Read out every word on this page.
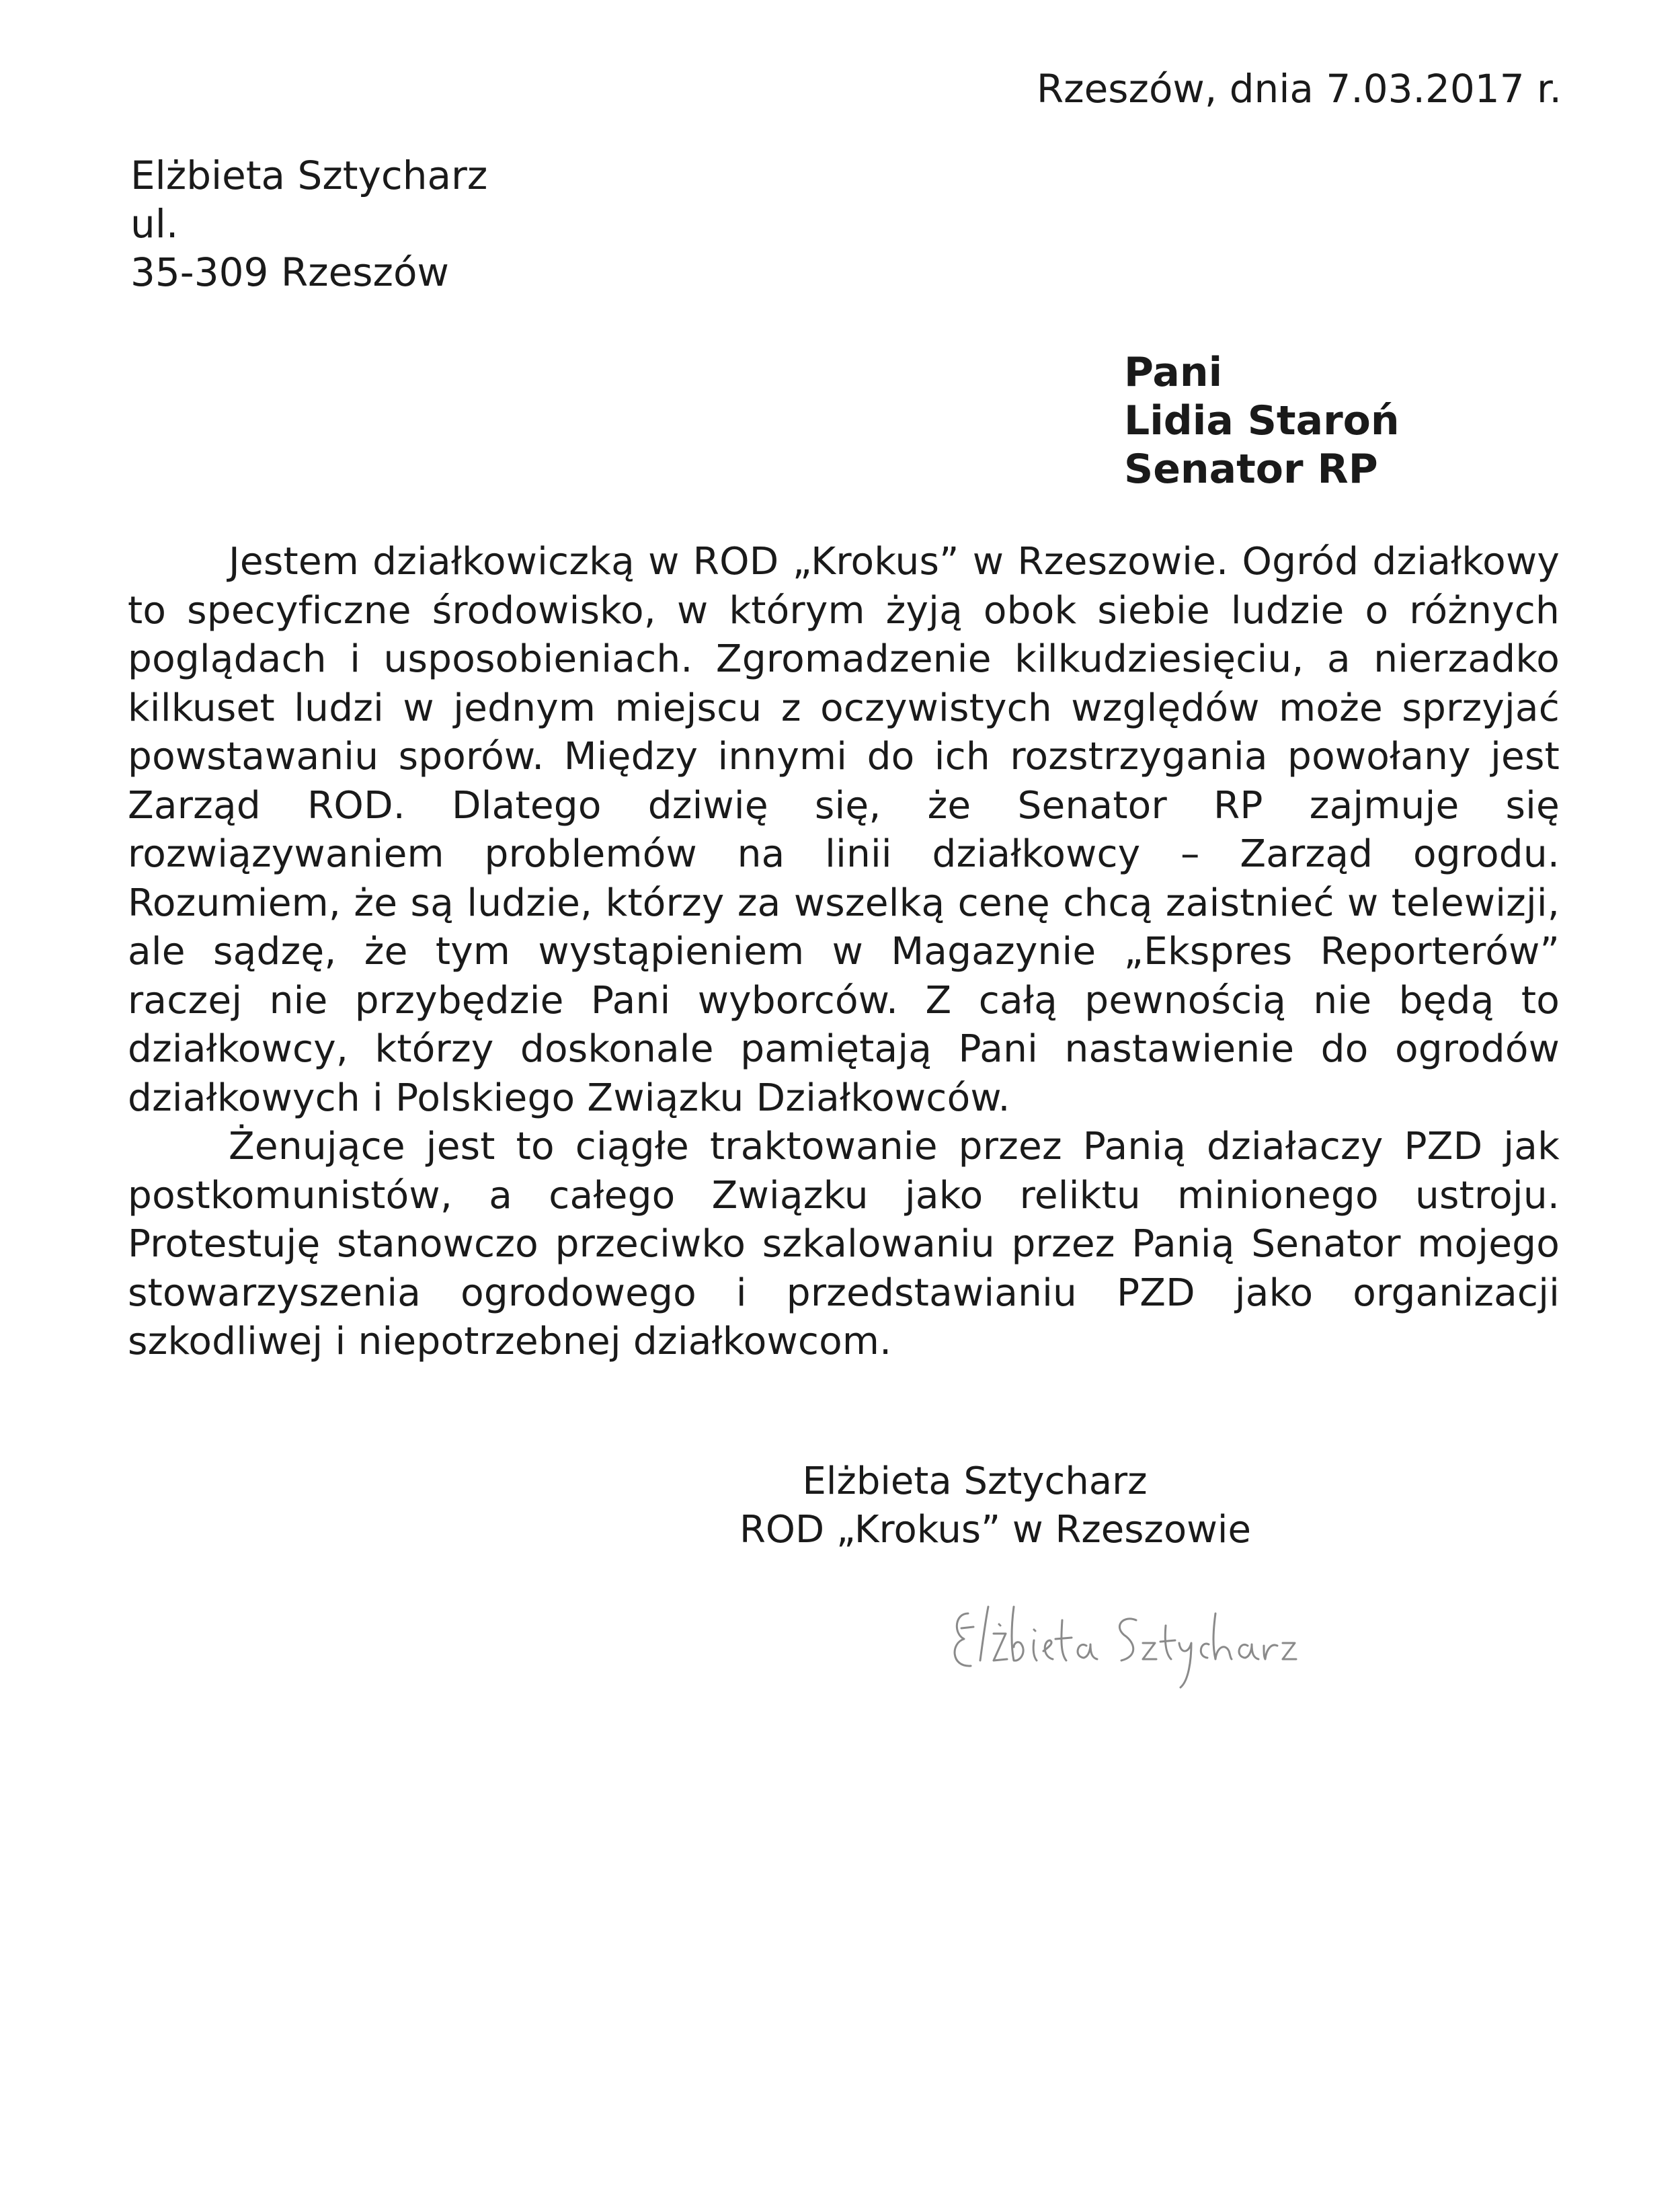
Rzeszów, dnia 7.03.2017 r.
Elżbieta Sztycharz
ul.
35-309 Rzeszów
Pani
Lidia Staroń
Senator RP

Jestem działkowiczką w ROD „Krokus” w Rzeszowie. Ogród działkowy to specyficzne środowisko, w którym żyją obok siebie ludzie o różnych poglądach i usposobieniach. Zgromadzenie kilkudziesięciu, a nierzadko kilkuset ludzi w jednym miejscu z oczywistych względów może sprzyjać powstawaniu sporów. Między innymi do ich rozstrzygania powołany jest Zarząd ROD. Dlatego dziwię się, że Senator RP zajmuje się rozwiązywaniem problemów na linii działkowcy – Zarząd ogrodu. Rozumiem, że są ludzie, którzy za wszelką cenę chcą zaistnieć w telewizji, ale sądzę, że tym wystąpieniem w Magazynie „Ekspres Reporterów” raczej nie przybędzie Pani wyborców. Z całą pewnością nie będą to działkowcy, którzy doskonale pamiętają Pani nastawienie do ogrodów działkowych i Polskiego Związku Działkowców.

Żenujące jest to ciągłe traktowanie przez Panią działaczy PZD jak postkomunistów, a całego Związku jako reliktu minionego ustroju. Protestuję stanowczo przeciwko szkalowaniu przez Panią Senator mojego stowarzyszenia ogrodowego i przedstawianiu PZD jako organizacji szkodliwej i niepotrzebnej działkowcom.

Elżbieta Sztycharz
ROD „Krokus” w Rzeszowie
